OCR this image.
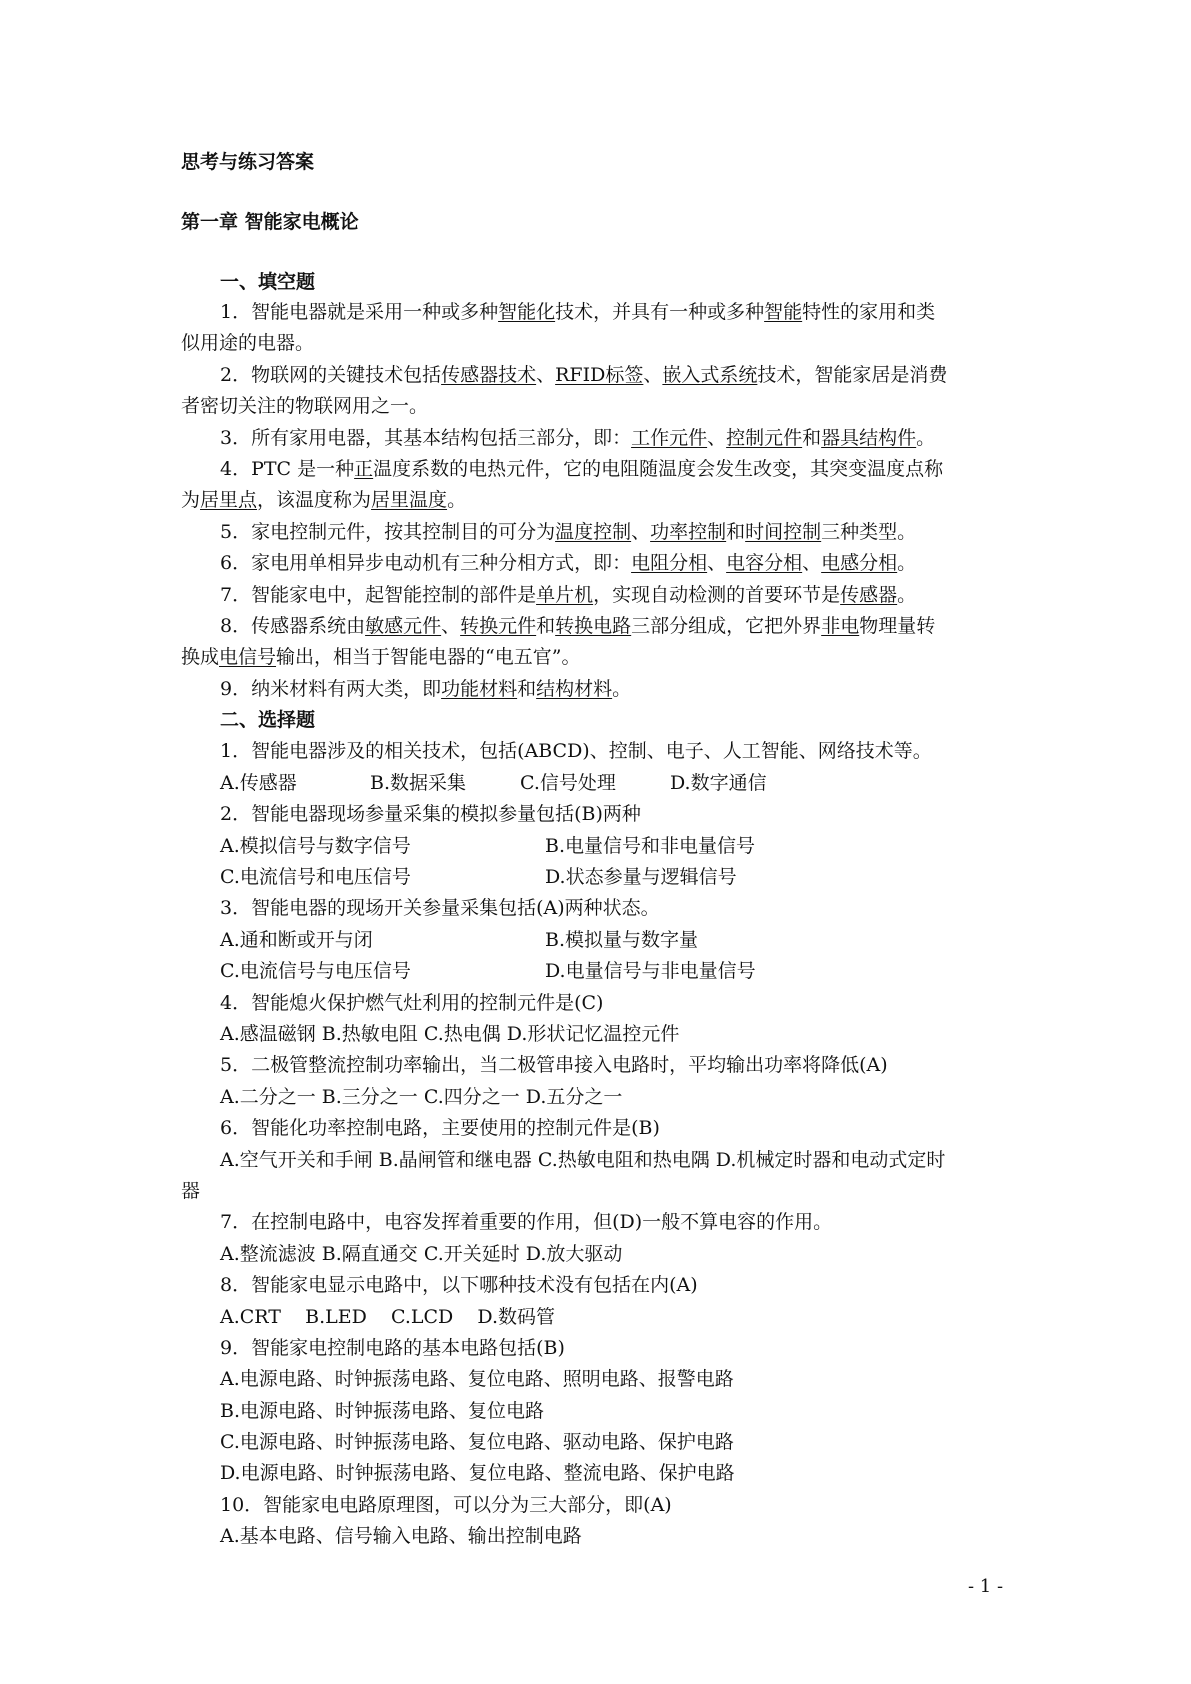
思考与练习答案
第一章 智能家电概论
一、填空题
1．智能电器就是采用一种或多种智能化技术，并具有一种或多种智能特性的家用和类
似用途的电器。
2．物联网的关键技术包括传感器技术、RFID标签、嵌入式系统技术，智能家居是消费
者密切关注的物联网用之一。
3．所有家用电器，其基本结构包括三部分，即：工作元件、控制元件和器具结构件。
4．PTC 是一种正温度系数的电热元件，它的电阻随温度会发生改变，其突变温度点称
为居里点，该温度称为居里温度。
5．家电控制元件，按其控制目的可分为温度控制、功率控制和时间控制三种类型。
6．家电用单相异步电动机有三种分相方式，即：电阻分相、电容分相、电感分相。
7．智能家电中，起智能控制的部件是单片机，实现自动检测的首要环节是传感器。
8．传感器系统由敏感元件、转换元件和转换电路三部分组成，它把外界非电物理量转
换成电信号输出，相当于智能电器的“电五官”。
9．纳米材料有两大类，即功能材料和结构材料。
二、选择题
1．智能电器涉及的相关技术，包括(ABCD)、控制、电子、人工智能、网络技术等。
A.传感器	B.数据采集	C.信号处理	D.数字通信
2．智能电器现场参量采集的模拟参量包括(B)两种
A.模拟信号与数字信号	B.电量信号和非电量信号
C.电流信号和电压信号	D.状态参量与逻辑信号
3．智能电器的现场开关参量采集包括(A)两种状态。
A.通和断或开与闭	B.模拟量与数字量
C.电流信号与电压信号	D.电量信号与非电量信号
4．智能熄火保护燃气灶利用的控制元件是(C)
A.感温磁钢 B.热敏电阻 C.热电偶 D.形状记忆温控元件
5．二极管整流控制功率输出，当二极管串接入电路时，平均输出功率将降低(A)
A.二分之一 B.三分之一 C.四分之一 D.五分之一
6．智能化功率控制电路，主要使用的控制元件是(B)
A.空气开关和手闸 B.晶闸管和继电器 C.热敏电阻和热电隅 D.机械定时器和电动式定时
器
7．在控制电路中，电容发挥着重要的作用，但(D)一般不算电容的作用。
A.整流滤波 B.隔直通交 C.开关延时 D.放大驱动
8．智能家电显示电路中，以下哪种技术没有包括在内(A)
A.CRT    B.LED    C.LCD    D.数码管
9．智能家电控制电路的基本电路包括(B)
A.电源电路、时钟振荡电路、复位电路、照明电路、报警电路
B.电源电路、时钟振荡电路、复位电路
C.电源电路、时钟振荡电路、复位电路、驱动电路、保护电路
D.电源电路、时钟振荡电路、复位电路、整流电路、保护电路
10．智能家电电路原理图，可以分为三大部分，即(A)
A.基本电路、信号输入电路、输出控制电路
- 1 -
